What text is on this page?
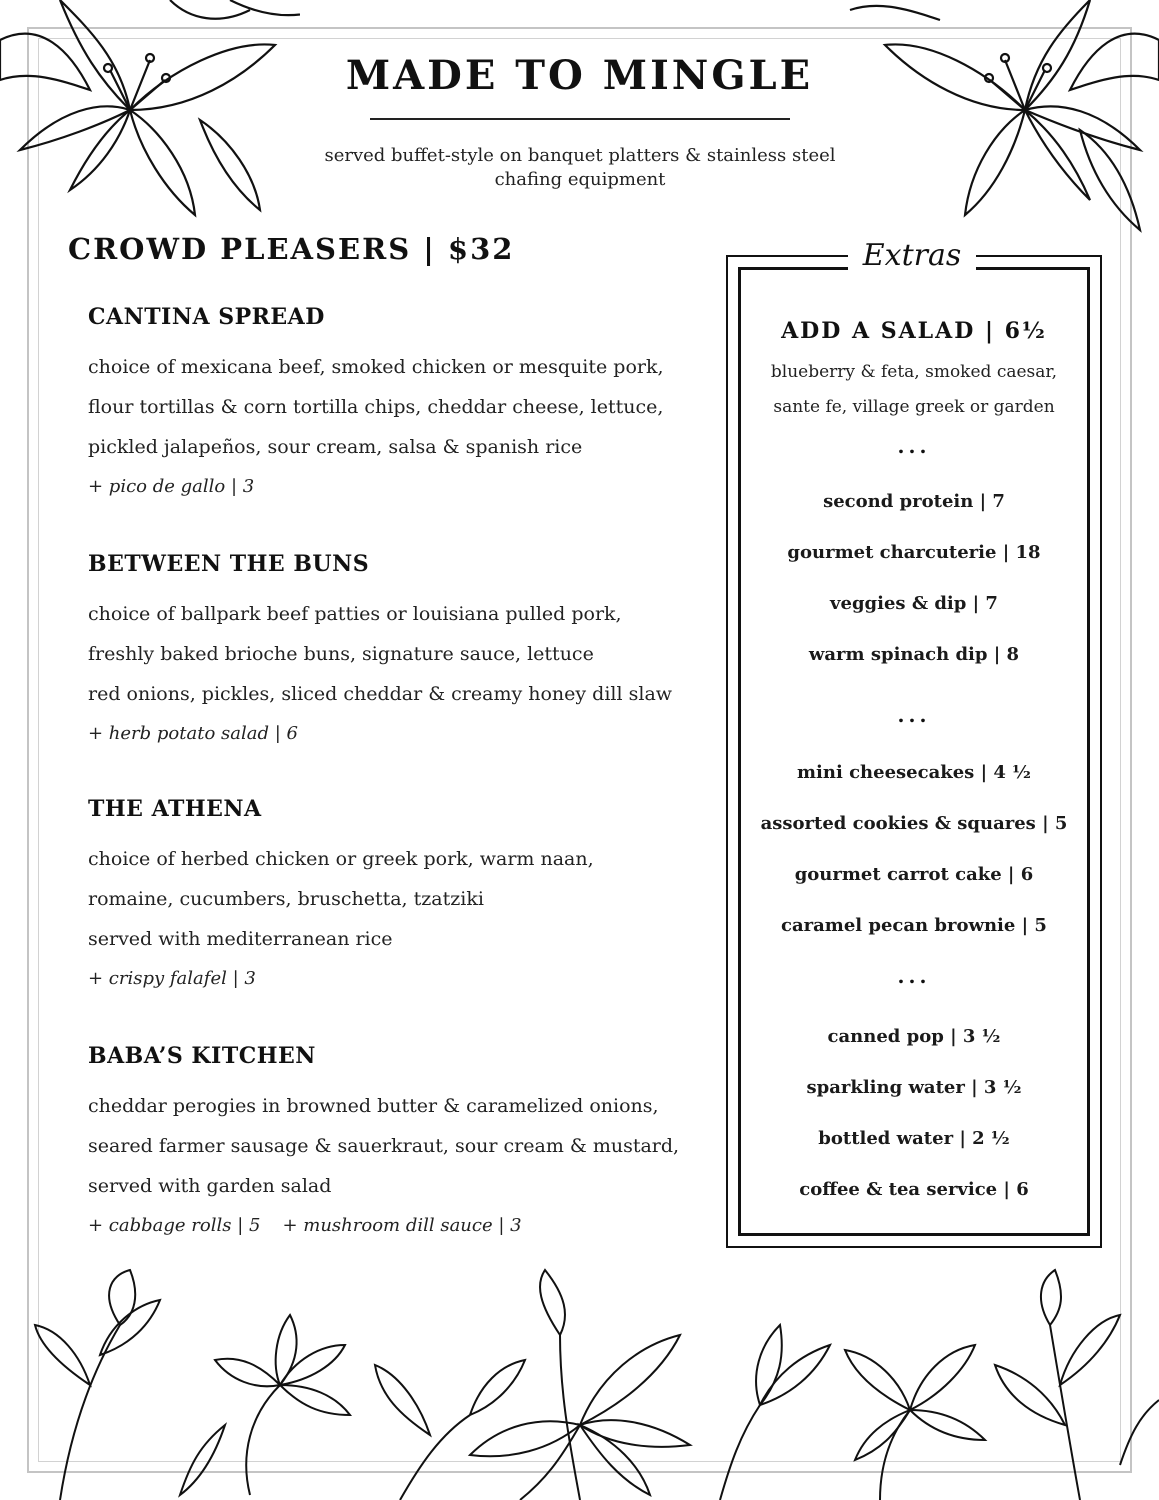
MADE TO MINGLE
served buffet-style on banquet platters & stainless steel chafing equipment
CROWD PLEASERS | $32
CANTINA SPREAD
choice of mexicana beef, smoked chicken or mesquite pork,
flour tortillas & corn tortilla chips, cheddar cheese, lettuce,
pickled jalapeños, sour cream, salsa & spanish rice
+ pico de gallo | 3
BETWEEN THE BUNS
choice of ballpark beef patties or louisiana pulled pork,
freshly baked brioche buns, signature sauce, lettuce
red onions, pickles, sliced cheddar & creamy honey dill slaw
+ herb potato salad | 6
THE ATHENA
choice of herbed chicken or greek pork, warm naan,
romaine, cucumbers, bruschetta, tzatziki
served with mediterranean rice
+ crispy falafel | 3
BABA’S KITCHEN
cheddar perogies in browned butter & caramelized onions,
seared farmer sausage & sauerkraut, sour cream & mustard,
served with garden salad
+ cabbage rolls | 5 + mushroom dill sauce | 3
Extras
ADD A SALAD | 6½
blueberry & feta, smoked caesar,
sante fe, village greek or garden
...
second protein | 7
gourmet charcuterie | 18
veggies & dip | 7
warm spinach dip | 8
...
mini cheesecakes | 4 ½
assorted cookies & squares | 5
gourmet carrot cake | 6
caramel pecan brownie | 5
...
canned pop | 3 ½
sparkling water | 3 ½
bottled water | 2 ½
coffee & tea service | 6
